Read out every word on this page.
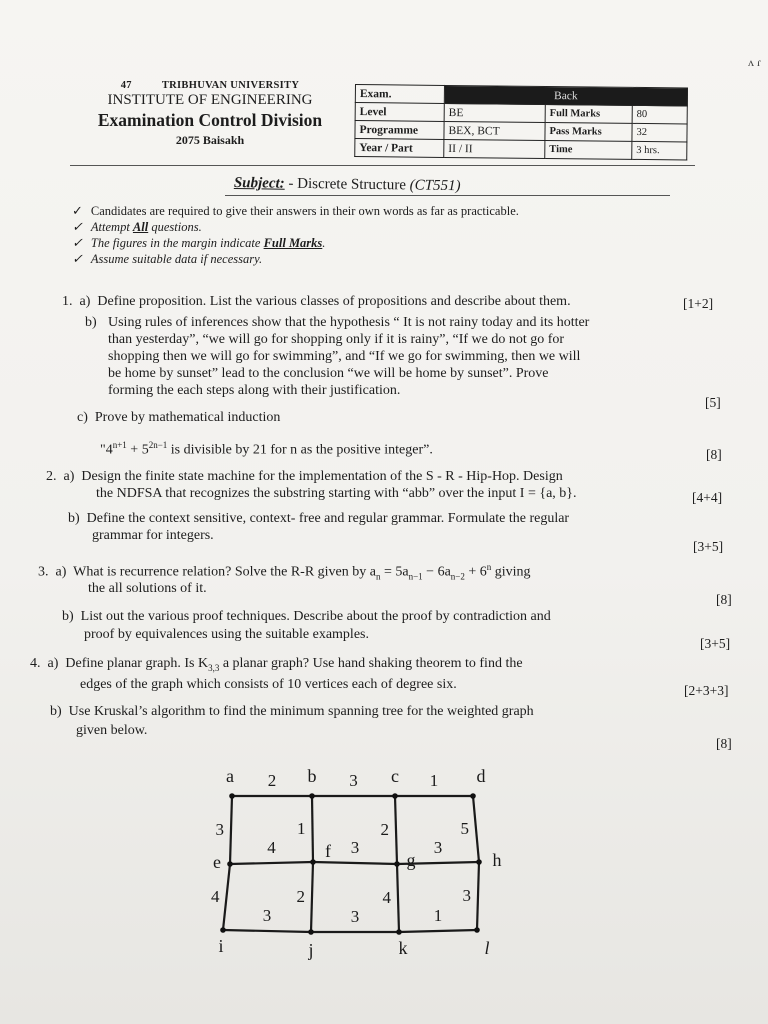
47	TRIBHUVAN UNIVERSITY
INSTITUTE OF ENGINEERING
Examination Control Division
2075 Baisakh
Exam.	Back		
Level	BE	Full Marks	80
Programme	BEX, BCT	Pass Marks	32
Year / Part	II / II	Time	3 hrs.
ᴧ ɾ
Subject: - Discrete Structure (CT551)
✓ Candidates are required to give their answers in their own words as far as practicable.
✓ Attempt All questions.
✓ The figures in the margin indicate Full Marks.
✓ Assume suitable data if necessary.
1. a) Define proposition. List the various classes of propositions and describe about them.	[1+2]
b) Using rules of inferences show that the hypothesis “ It is not rainy today and its hotter
than yesterday”, “we will go for shopping only if it is rainy”, “If we do not go for
shopping then we will go for swimming”, and “If we go for swimming, then we will
be home by sunset” lead to the conclusion “we will be home by sunset”. Prove
forming the each steps along with their justification.
[5]
c) Prove by mathematical induction
"$4^{n+1} + 5^{2n-1}$ is divisible by 21 for n as the positive integer”.	[8]
2. a) Design the finite state machine for the implementation of the S - R - Hip-Hop. Design
the NDFSA that recognizes the substring starting with “abb” over the input I = {a, b}.	[4+4]
b) Define the context sensitive, context- free and regular grammar. Formulate the regular
grammar for integers.
[3+5]
3. a) What is recurrence relation? Solve the R-R given by $a_n = 5a_{n-1} - 6a_{n-2} + 6^n$ giving
the all solutions of it.
[8]
b) List out the various proof techniques. Describe about the proof by contradiction and
proof by equivalences using the suitable examples.
[3+5]
4. a) Define planar graph. Is $K_{3,3}$ a planar graph? Use hand shaking theorem to find the
edges of the graph which consists of 10 vertices each of degree six.	[2+3+3]
b) Use Kruskal’s algorithm to find the minimum spanning tree for the weighted graph
given below.
[8]
2	3	1
3	1	2	5
4	3	3
4	2	4	3
3	3	1
a	b	c	d
e
f	g	h
i	j	k	l
